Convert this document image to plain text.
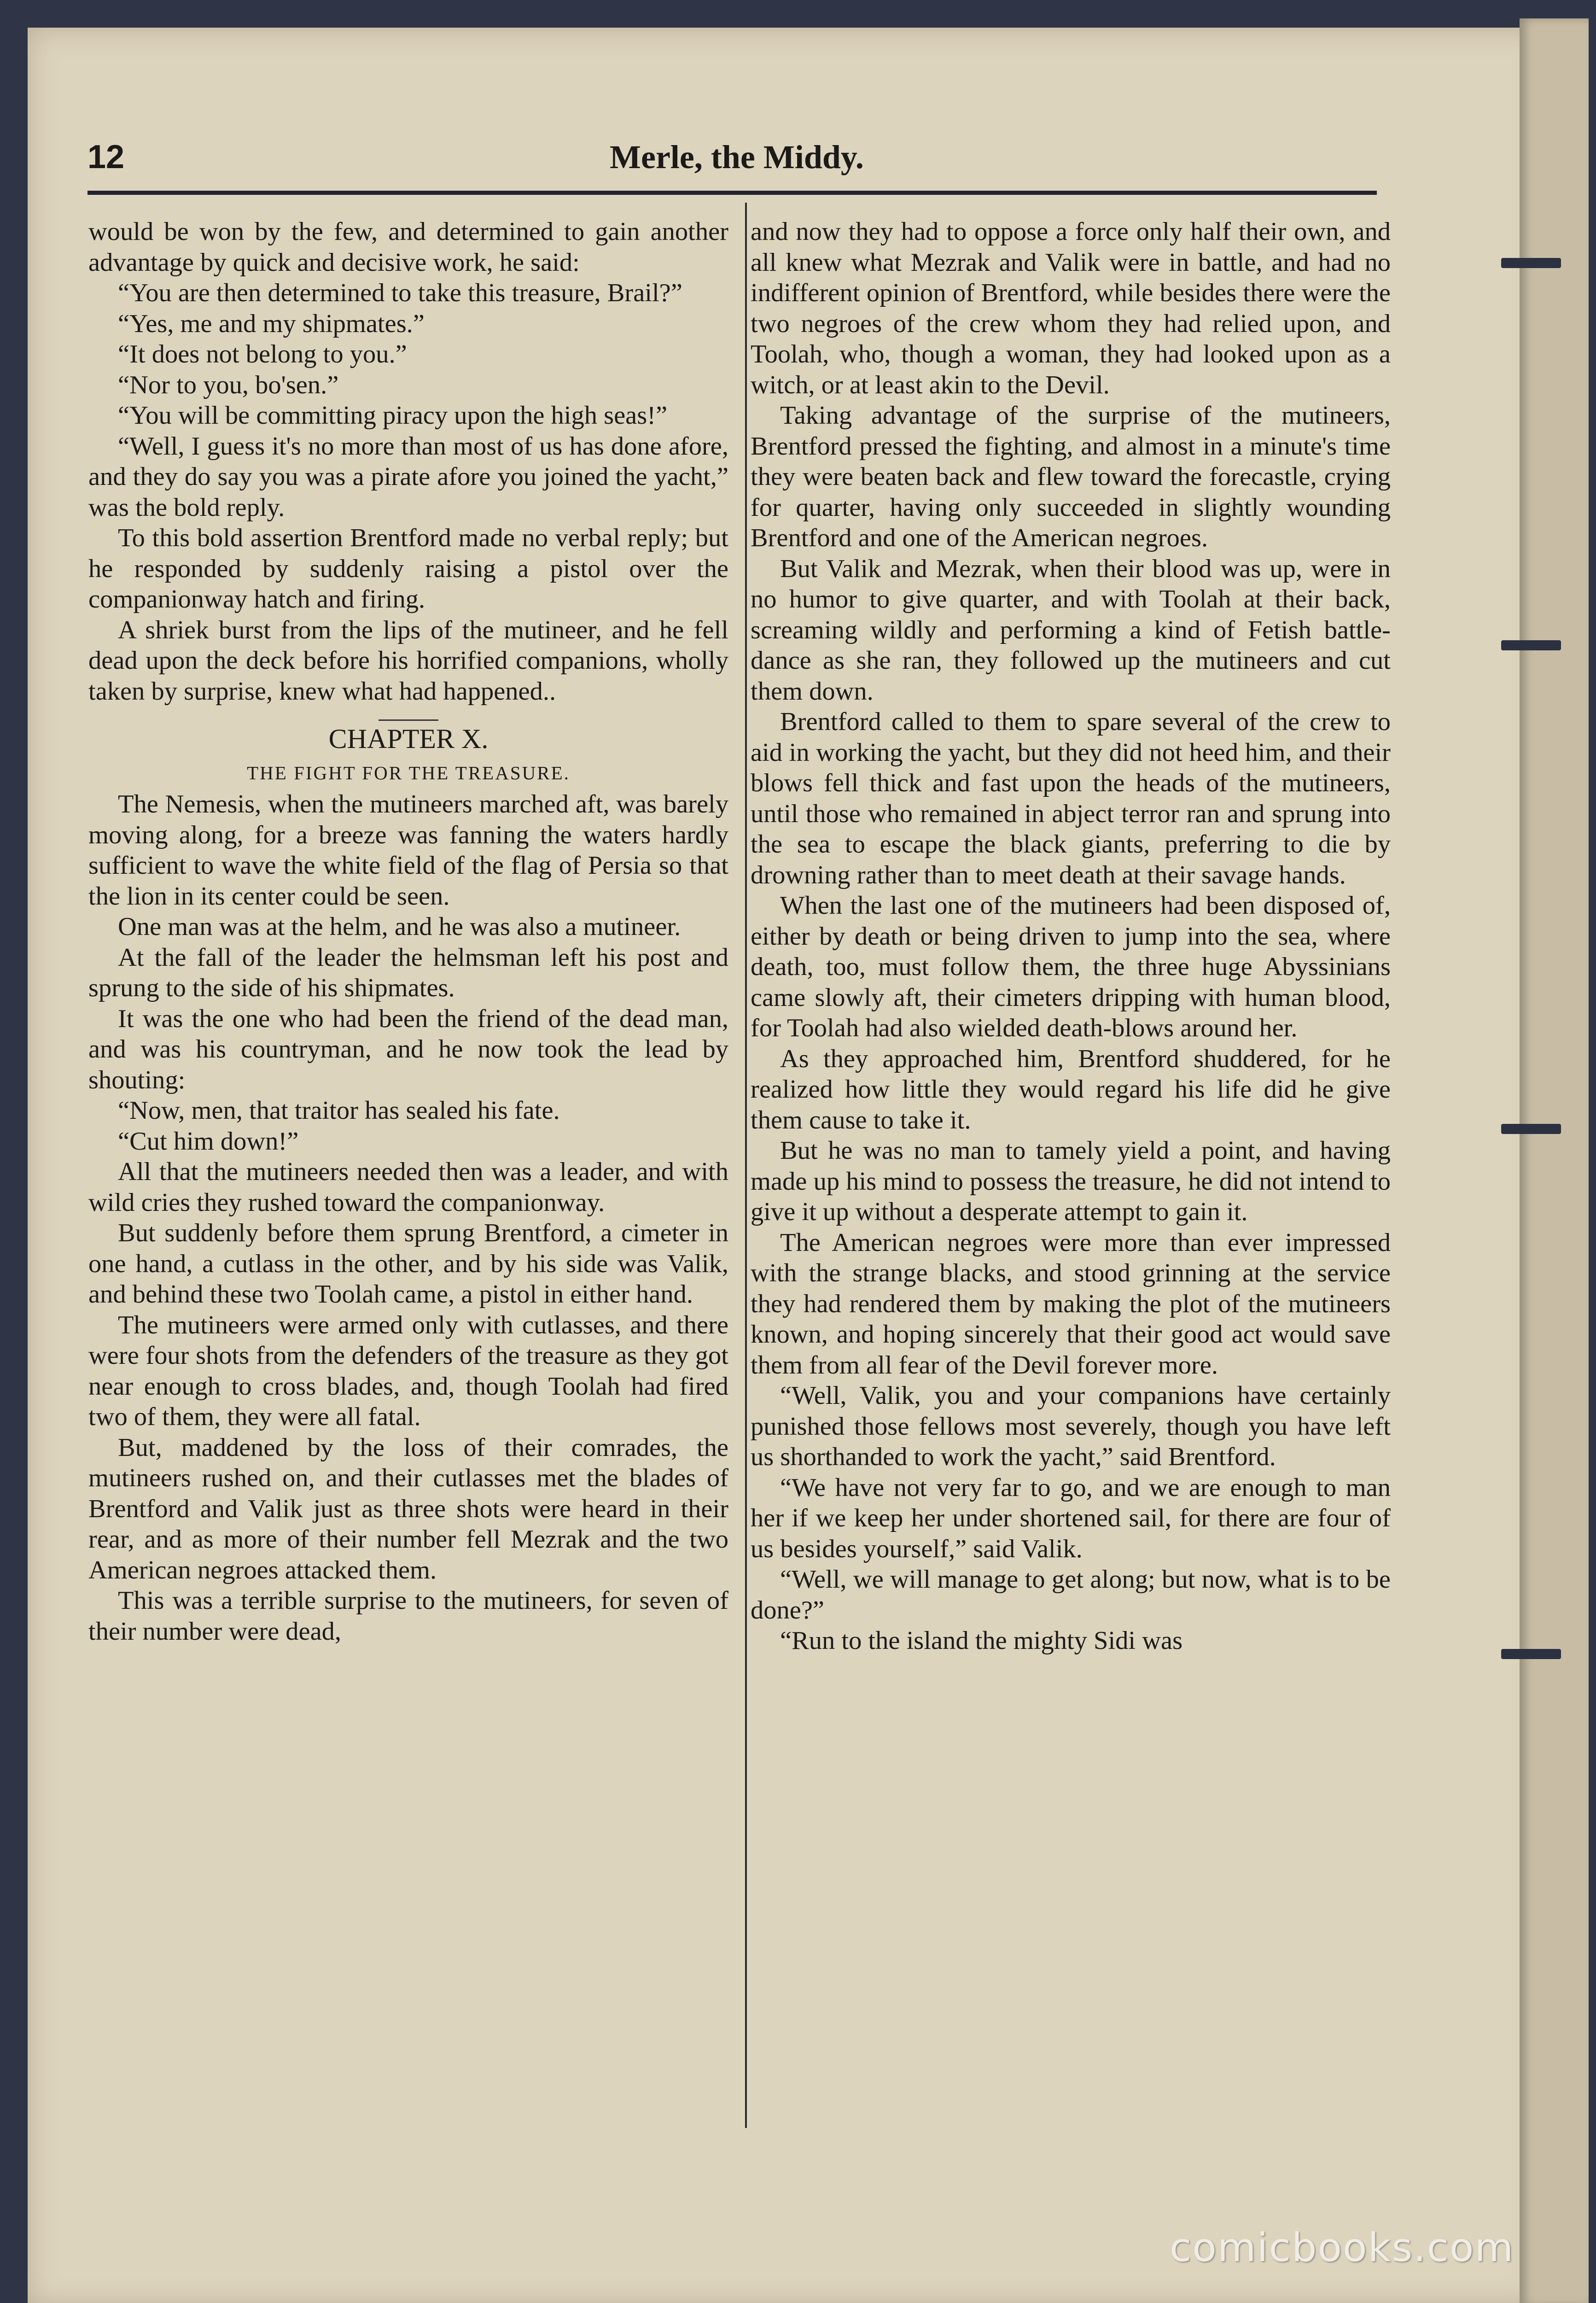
12	Merle, the Middy.

would be won by the few, and determined to gain another advantage by quick and decisive work, he said:

“You are then determined to take this treasure, Brail?”

“Yes, me and my shipmates.”

“It does not belong to you.”

“Nor to you, bo'sen.”

“You will be committing piracy upon the high seas!”

“Well, I guess it's no more than most of us has done afore, and they do say you was a pirate afore you joined the yacht,” was the bold reply.

To this bold assertion Brentford made no verbal reply; but he responded by suddenly raising a pistol over the companionway hatch and firing.

A shriek burst from the lips of the mutineer, and he fell dead upon the deck before his horrified companions, wholly taken by surprise, knew what had happened..

CHAPTER X.

THE FIGHT FOR THE TREASURE.

The Nemesis, when the mutineers marched aft, was barely moving along, for a breeze was fanning the waters hardly sufficient to wave the white field of the flag of Persia so that the lion in its center could be seen.

One man was at the helm, and he was also a mutineer.

At the fall of the leader the helmsman left his post and sprung to the side of his shipmates.

It was the one who had been the friend of the dead man, and was his countryman, and he now took the lead by shouting:

“Now, men, that traitor has sealed his fate.

“Cut him down!”

All that the mutineers needed then was a leader, and with wild cries they rushed toward the companionway.

But suddenly before them sprung Brentford, a cimeter in one hand, a cutlass in the other, and by his side was Valik, and behind these two Toolah came, a pistol in either hand.

The mutineers were armed only with cutlasses, and there were four shots from the defenders of the treasure as they got near enough to cross blades, and, though Toolah had fired two of them, they were all fatal.

But, maddened by the loss of their comrades, the mutineers rushed on, and their cutlasses met the blades of Brentford and Valik just as three shots were heard in their rear, and as more of their number fell Mezrak and the two American negroes attacked them.

This was a terrible surprise to the mutineers, for seven of their number were dead,

and now they had to oppose a force only half their own, and all knew what Mezrak and Valik were in battle, and had no indifferent opinion of Brentford, while besides there were the two negroes of the crew whom they had relied upon, and Toolah, who, though a woman, they had looked upon as a witch, or at least akin to the Devil.

Taking advantage of the surprise of the mutineers, Brentford pressed the fighting, and almost in a minute's time they were beaten back and flew toward the forecastle, crying for quarter, having only succeeded in slightly wounding Brentford and one of the American negroes.

But Valik and Mezrak, when their blood was up, were in no humor to give quarter, and with Toolah at their back, screaming wildly and performing a kind of Fetish battle-dance as she ran, they followed up the mutineers and cut them down.

Brentford called to them to spare several of the crew to aid in working the yacht, but they did not heed him, and their blows fell thick and fast upon the heads of the mutineers, until those who remained in abject terror ran and sprung into the sea to escape the black giants, preferring to die by drowning rather than to meet death at their savage hands.

When the last one of the mutineers had been disposed of, either by death or being driven to jump into the sea, where death, too, must follow them, the three huge Abyssinians came slowly aft, their cimeters dripping with human blood, for Toolah had also wielded death-blows around her.

As they approached him, Brentford shuddered, for he realized how little they would regard his life did he give them cause to take it.

But he was no man to tamely yield a point, and having made up his mind to possess the treasure, he did not intend to give it up without a desperate attempt to gain it.

The American negroes were more than ever impressed with the strange blacks, and stood grinning at the service they had rendered them by making the plot of the mutineers known, and hoping sincerely that their good act would save them from all fear of the Devil forever more.

“Well, Valik, you and your companions have certainly punished those fellows most severely, though you have left us shorthanded to work the yacht,” said Brentford.

“We have not very far to go, and we are enough to man her if we keep her under shortened sail, for there are four of us besides yourself,” said Valik.

“Well, we will manage to get along; but now, what is to be done?”

“Run to the island the mighty Sidi was

comicbooks.com
